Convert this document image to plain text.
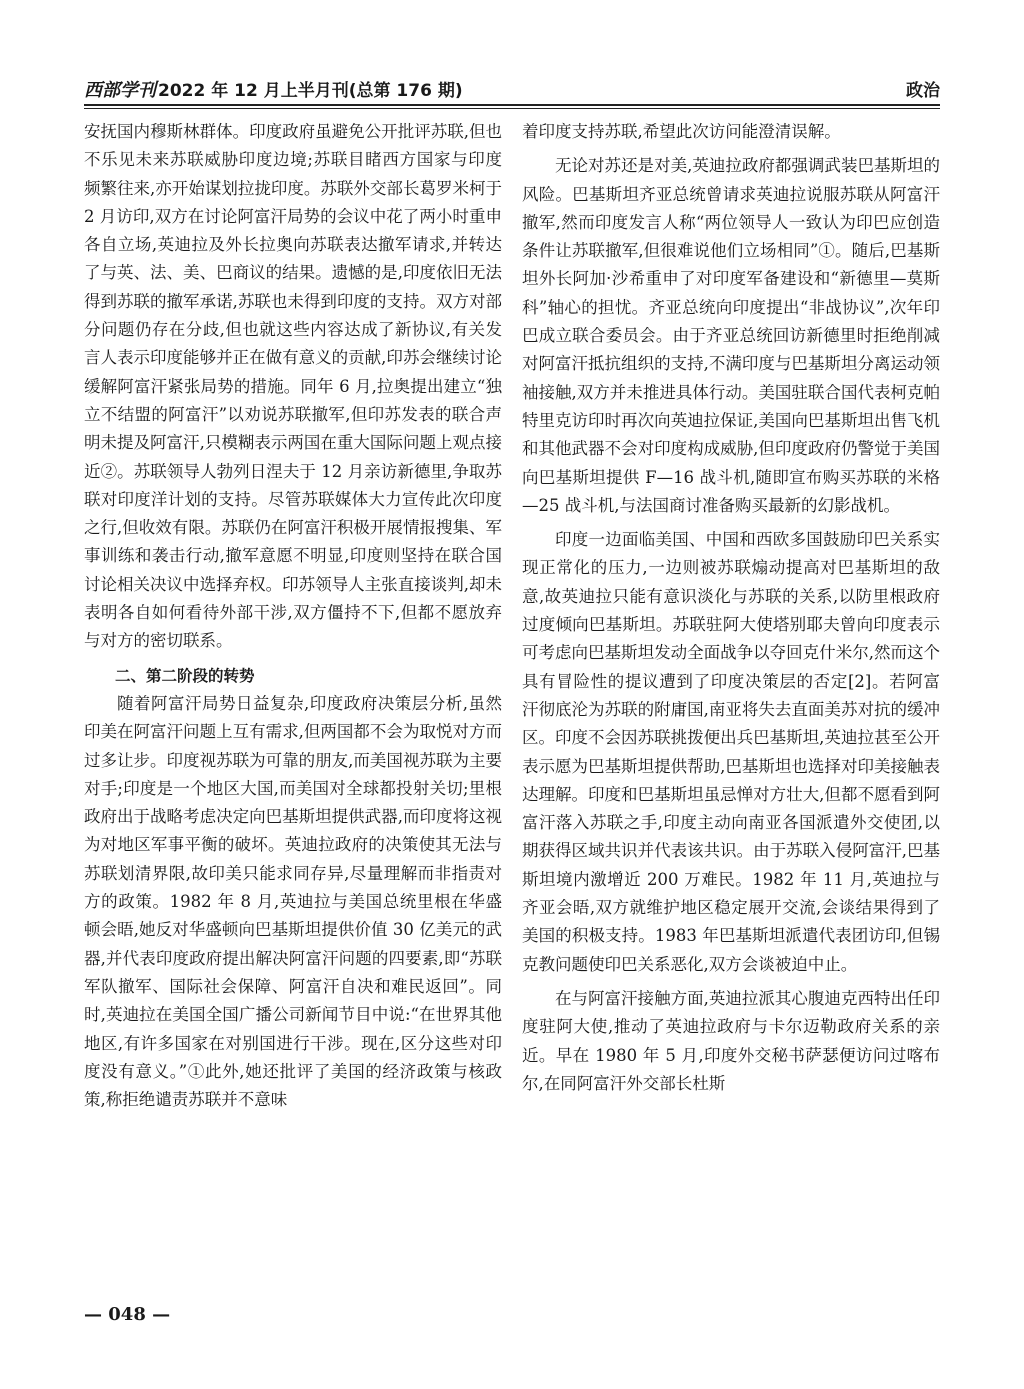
西部学刊 2022 年 12 月上半月刊(总第 176 期)	政治

安抚国内穆斯林群体。印度政府虽避免公开批评苏联,但也不乐见未来苏联威胁印度边境;苏联目睹西方国家与印度频繁往来,亦开始谋划拉拢印度。苏联外交部长葛罗米柯于 2 月访印,双方在讨论阿富汗局势的会议中花了两小时重申各自立场,英迪拉及外长拉奥向苏联表达撤军请求,并转达了与英、法、美、巴商议的结果。遗憾的是,印度依旧无法得到苏联的撤军承诺,苏联也未得到印度的支持。双方对部分问题仍存在分歧,但也就这些内容达成了新协议,有关发言人表示印度能够并正在做有意义的贡献,印苏会继续讨论缓解阿富汗紧张局势的措施。同年 6 月,拉奥提出建立“独立不结盟的阿富汗”以劝说苏联撤军,但印苏发表的联合声明未提及阿富汗,只模糊表示两国在重大国际问题上观点接近②。苏联领导人勃列日涅夫于 12 月亲访新德里,争取苏联对印度洋计划的支持。尽管苏联媒体大力宣传此次印度之行,但收效有限。苏联仍在阿富汗积极开展情报搜集、军事训练和袭击行动,撤军意愿不明显,印度则坚持在联合国讨论相关决议中选择弃权。印苏领导人主张直接谈判,却未表明各自如何看待外部干涉,双方僵持不下,但都不愿放弃与对方的密切联系。

二、第二阶段的转势

随着阿富汗局势日益复杂,印度政府决策层分析,虽然印美在阿富汗问题上互有需求,但两国都不会为取悦对方而过多让步。印度视苏联为可靠的朋友,而美国视苏联为主要对手;印度是一个地区大国,而美国对全球都投射关切;里根政府出于战略考虑决定向巴基斯坦提供武器,而印度将这视为对地区军事平衡的破坏。英迪拉政府的决策使其无法与苏联划清界限,故印美只能求同存异,尽量理解而非指责对方的政策。1982 年 8 月,英迪拉与美国总统里根在华盛顿会晤,她反对华盛顿向巴基斯坦提供价值 30 亿美元的武器,并代表印度政府提出解决阿富汗问题的四要素,即“苏联军队撤军、国际社会保障、阿富汗自决和难民返回”。同时,英迪拉在美国全国广播公司新闻节目中说:“在世界其他地区,有许多国家在对别国进行干涉。现在,区分这些对印度没有意义。”①此外,她还批评了美国的经济政策与核政策,称拒绝谴责苏联并不意味

着印度支持苏联,希望此次访问能澄清误解。

无论对苏还是对美,英迪拉政府都强调武装巴基斯坦的风险。巴基斯坦齐亚总统曾请求英迪拉说服苏联从阿富汗撤军,然而印度发言人称“两位领导人一致认为印巴应创造条件让苏联撤军,但很难说他们立场相同”①。随后,巴基斯坦外长阿加·沙希重申了对印度军备建设和“新德里—莫斯科”轴心的担忧。齐亚总统向印度提出“非战协议”,次年印巴成立联合委员会。由于齐亚总统回访新德里时拒绝削减对阿富汗抵抗组织的支持,不满印度与巴基斯坦分离运动领袖接触,双方并未推进具体行动。美国驻联合国代表柯克帕特里克访印时再次向英迪拉保证,美国向巴基斯坦出售飞机和其他武器不会对印度构成威胁,但印度政府仍警觉于美国向巴基斯坦提供 F—16 战斗机,随即宣布购买苏联的米格—25 战斗机,与法国商讨准备购买最新的幻影战机。

印度一边面临美国、中国和西欧多国鼓励印巴关系实现正常化的压力,一边则被苏联煽动提高对巴基斯坦的敌意,故英迪拉只能有意识淡化与苏联的关系,以防里根政府过度倾向巴基斯坦。苏联驻阿大使塔别耶夫曾向印度表示可考虑向巴基斯坦发动全面战争以夺回克什米尔,然而这个具有冒险性的提议遭到了印度决策层的否定[2]。若阿富汗彻底沦为苏联的附庸国,南亚将失去直面美苏对抗的缓冲区。印度不会因苏联挑拨便出兵巴基斯坦,英迪拉甚至公开表示愿为巴基斯坦提供帮助,巴基斯坦也选择对印美接触表达理解。印度和巴基斯坦虽忌惮对方壮大,但都不愿看到阿富汗落入苏联之手,印度主动向南亚各国派遣外交使团,以期获得区域共识并代表该共识。由于苏联入侵阿富汗,巴基斯坦境内激增近 200 万难民。1982 年 11 月,英迪拉与齐亚会晤,双方就维护地区稳定展开交流,会谈结果得到了美国的积极支持。1983 年巴基斯坦派遣代表团访印,但锡克教问题使印巴关系恶化,双方会谈被迫中止。

在与阿富汗接触方面,英迪拉派其心腹迪克西特出任印度驻阿大使,推动了英迪拉政府与卡尔迈勒政府关系的亲近。早在 1980 年 5 月,印度外交秘书萨瑟便访问过喀布尔,在同阿富汗外交部长杜斯

— 048 —
